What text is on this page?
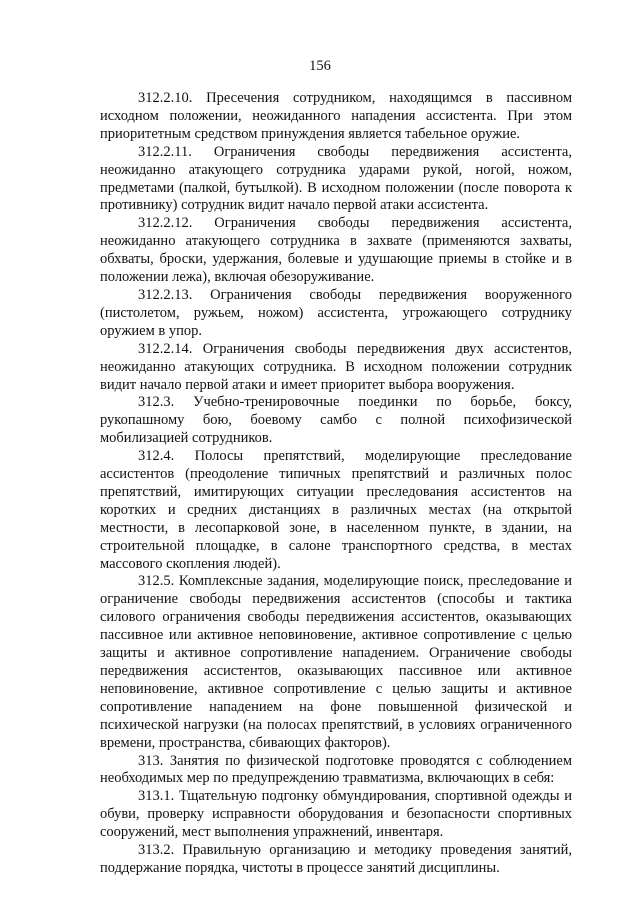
156

312.2.10. Пресечения сотрудником, находящимся в пассивном исходном положении, неожиданного нападения ассистента. При этом приоритетным средством принуждения является табельное оружие.

312.2.11. Ограничения свободы передвижения ассистента, неожиданно атакующего сотрудника ударами рукой, ногой, ножом, предметами (палкой, бутылкой). В исходном положении (после поворота к противнику) сотрудник видит начало первой атаки ассистента.

312.2.12. Ограничения свободы передвижения ассистента, неожиданно атакующего сотрудника в захвате (применяются захваты, обхваты, броски, удержания, болевые и удушающие приемы в стойке и в положении лежа), включая обезоруживание.

312.2.13. Ограничения свободы передвижения вооруженного (пистолетом, ружьем, ножом) ассистента, угрожающего сотруднику оружием в упор.

312.2.14. Ограничения свободы передвижения двух ассистентов, неожиданно атакующих сотрудника. В исходном положении сотрудник видит начало первой атаки и имеет приоритет выбора вооружения.

312.3. Учебно-тренировочные поединки по борьбе, боксу, рукопашному бою, боевому самбо с полной психофизической мобилизацией сотрудников.

312.4. Полосы препятствий, моделирующие преследование ассистентов (преодоление типичных препятствий и различных полос препятствий, имитирующих ситуации преследования ассистентов на коротких и средних дистанциях в различных местах (на открытой местности, в лесопарковой зоне, в населенном пункте, в здании, на строительной площадке, в салоне транспортного средства, в местах массового скопления людей).

312.5. Комплексные задания, моделирующие поиск, преследование и ограничение свободы передвижения ассистентов (способы и тактика силового ограничения свободы передвижения ассистентов, оказывающих пассивное или активное неповиновение, активное сопротивление с целью защиты и активное сопротивление нападением. Ограничение свободы передвижения ассистентов, оказывающих пассивное или активное неповиновение, активное сопротивление с целью защиты и активное сопротивление нападением на фоне повышенной физической и психической нагрузки (на полосах препятствий, в условиях ограниченного времени, пространства, сбивающих факторов).

313. Занятия по физической подготовке проводятся с соблюдением необходимых мер по предупреждению травматизма, включающих в себя:

313.1. Тщательную подгонку обмундирования, спортивной одежды и обуви, проверку исправности оборудования и безопасности спортивных сооружений, мест выполнения упражнений, инвентаря.

313.2. Правильную организацию и методику проведения занятий, поддержание порядка, чистоты в процессе занятий дисциплины.
